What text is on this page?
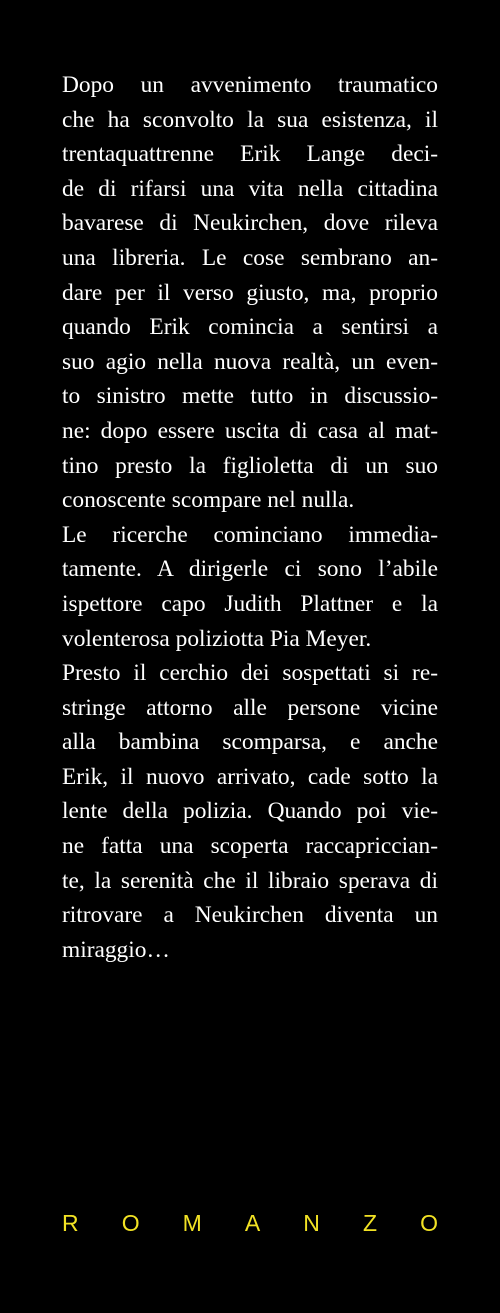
Dopo un avvenimento traumatico
che ha sconvolto la sua esistenza, il
trentaquattrenne Erik Lange deci-
de di rifarsi una vita nella cittadina
bavarese di Neukirchen, dove rileva
una libreria. Le cose sembrano an-
dare per il verso giusto, ma, proprio
quando Erik comincia a sentirsi a
suo agio nella nuova realtà, un even-
to sinistro mette tutto in discussio-
ne: dopo essere uscita di casa al mat-
tino presto la figlioletta di un suo
conoscente scompare nel nulla.
Le ricerche cominciano immedia-
tamente. A dirigerle ci sono l’abile
ispettore capo Judith Plattner e la
volenterosa poliziotta Pia Meyer.
Presto il cerchio dei sospettati si re-
stringe attorno alle persone vicine
alla bambina scomparsa, e anche
Erik, il nuovo arrivato, cade sotto la
lente della polizia. Quando poi vie-
ne fatta una scoperta raccapriccian-
te, la serenità che il libraio sperava di
ritrovare a Neukirchen diventa un
miraggio…
R O M A N Z O
